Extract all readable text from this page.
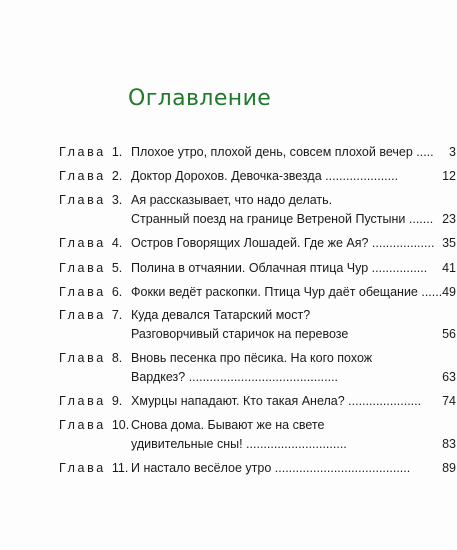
Оглавление
Глава 1. Плохое утро, плохой день, совсем плохой вечер .....	3
Глава 2. Доктор Дорохов. Девочка-звезда .....................	12
Глава 3. Ая рассказывает, что надо делать.
Странный поезд на границе Ветреной Пустыни ....... 23
Глава 4. Остров Говорящих Лошадей. Где же Ая? .................. 35
Глава 5. Полина в отчаянии. Облачная птица Чур ................	41
Глава 6. Фокки ведёт раскопки. Птица Чур даёт обещание ...... 49
Глава 7. Куда девался Татарский мост?
Разговорчивый старичок на перевозе	56
Глава 8. Вновь песенка про пёсика. На кого похож
Вардкез? ...........................................	63
Глава 9. Хмурцы нападают. Кто такая Анела? .....................	74
Глава 10. Снова дома. Бывают же на свете
удивительные сны! .............................	83
Глава 11. И настало весёлое утро .......................................	89
